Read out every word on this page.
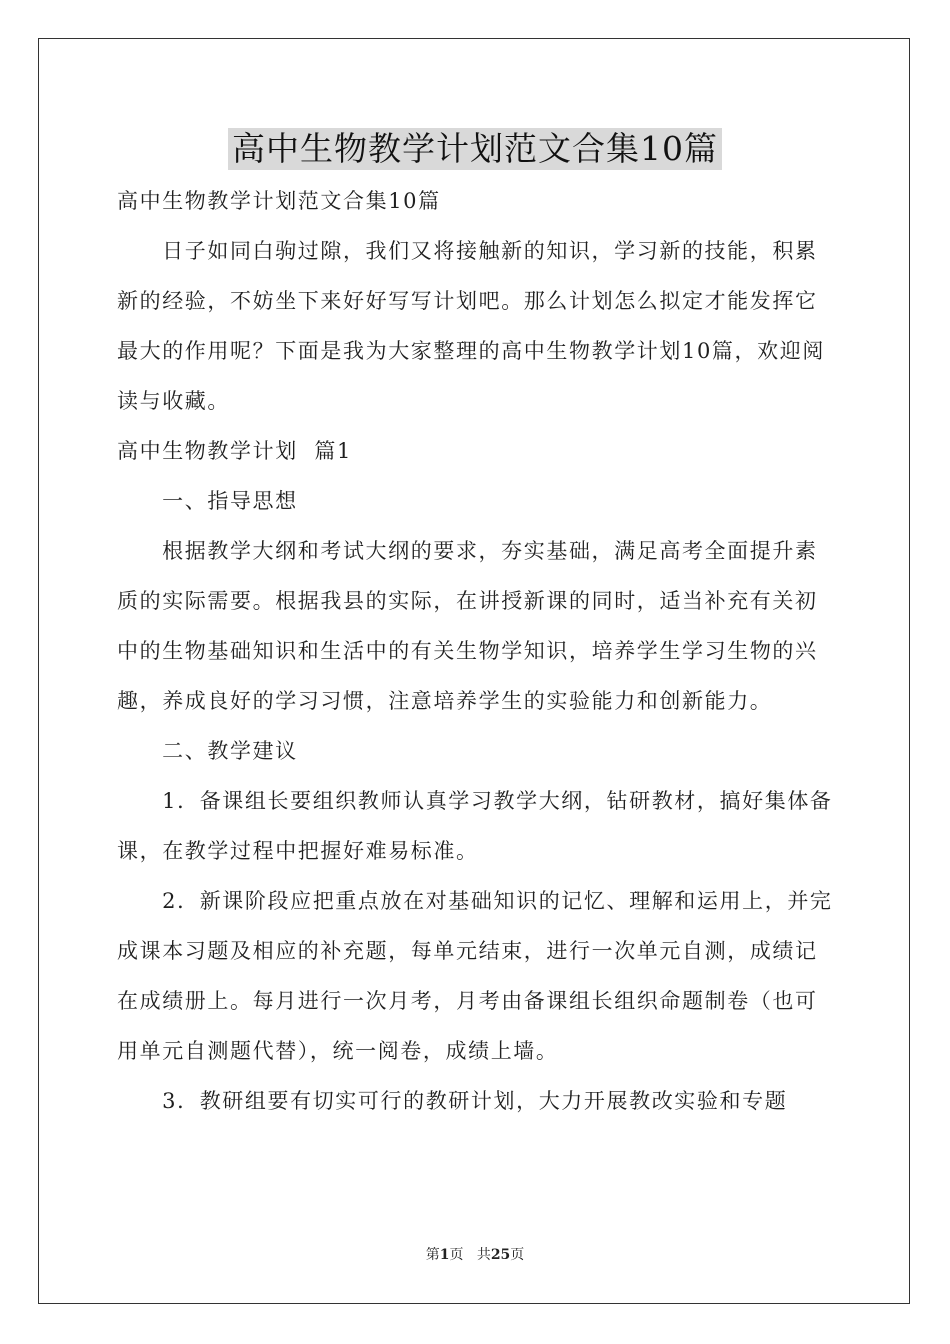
高中生物教学计划范文合集10篇
高中生物教学计划范文合集10篇

日子如同白驹过隙，我们又将接触新的知识，学习新的技能，积累新的经验，不妨坐下来好好写写计划吧。那么计划怎么拟定才能发挥它最大的作用呢？下面是我为大家整理的高中生物教学计划10篇，欢迎阅读与收藏。

高中生物教学计划  篇1

一、指导思想

根据教学大纲和考试大纲的要求，夯实基础，满足高考全面提升素质的实际需要。根据我县的实际，在讲授新课的同时，适当补充有关初中的生物基础知识和生活中的有关生物学知识，培养学生学习生物的兴趣，养成良好的学习习惯，注意培养学生的实验能力和创新能力。

二、教学建议

1．备课组长要组织教师认真学习教学大纲，钻研教材，搞好集体备课，在教学过程中把握好难易标准。

2．新课阶段应把重点放在对基础知识的记忆、理解和运用上，并完成课本习题及相应的补充题，每单元结束，进行一次单元自测，成绩记在成绩册上。每月进行一次月考，月考由备课组长组织命题制卷（也可用单元自测题代替），统一阅卷，成绩上墙。

3．教研组要有切实可行的教研计划，大力开展教改实验和专题

第1页 共25页
